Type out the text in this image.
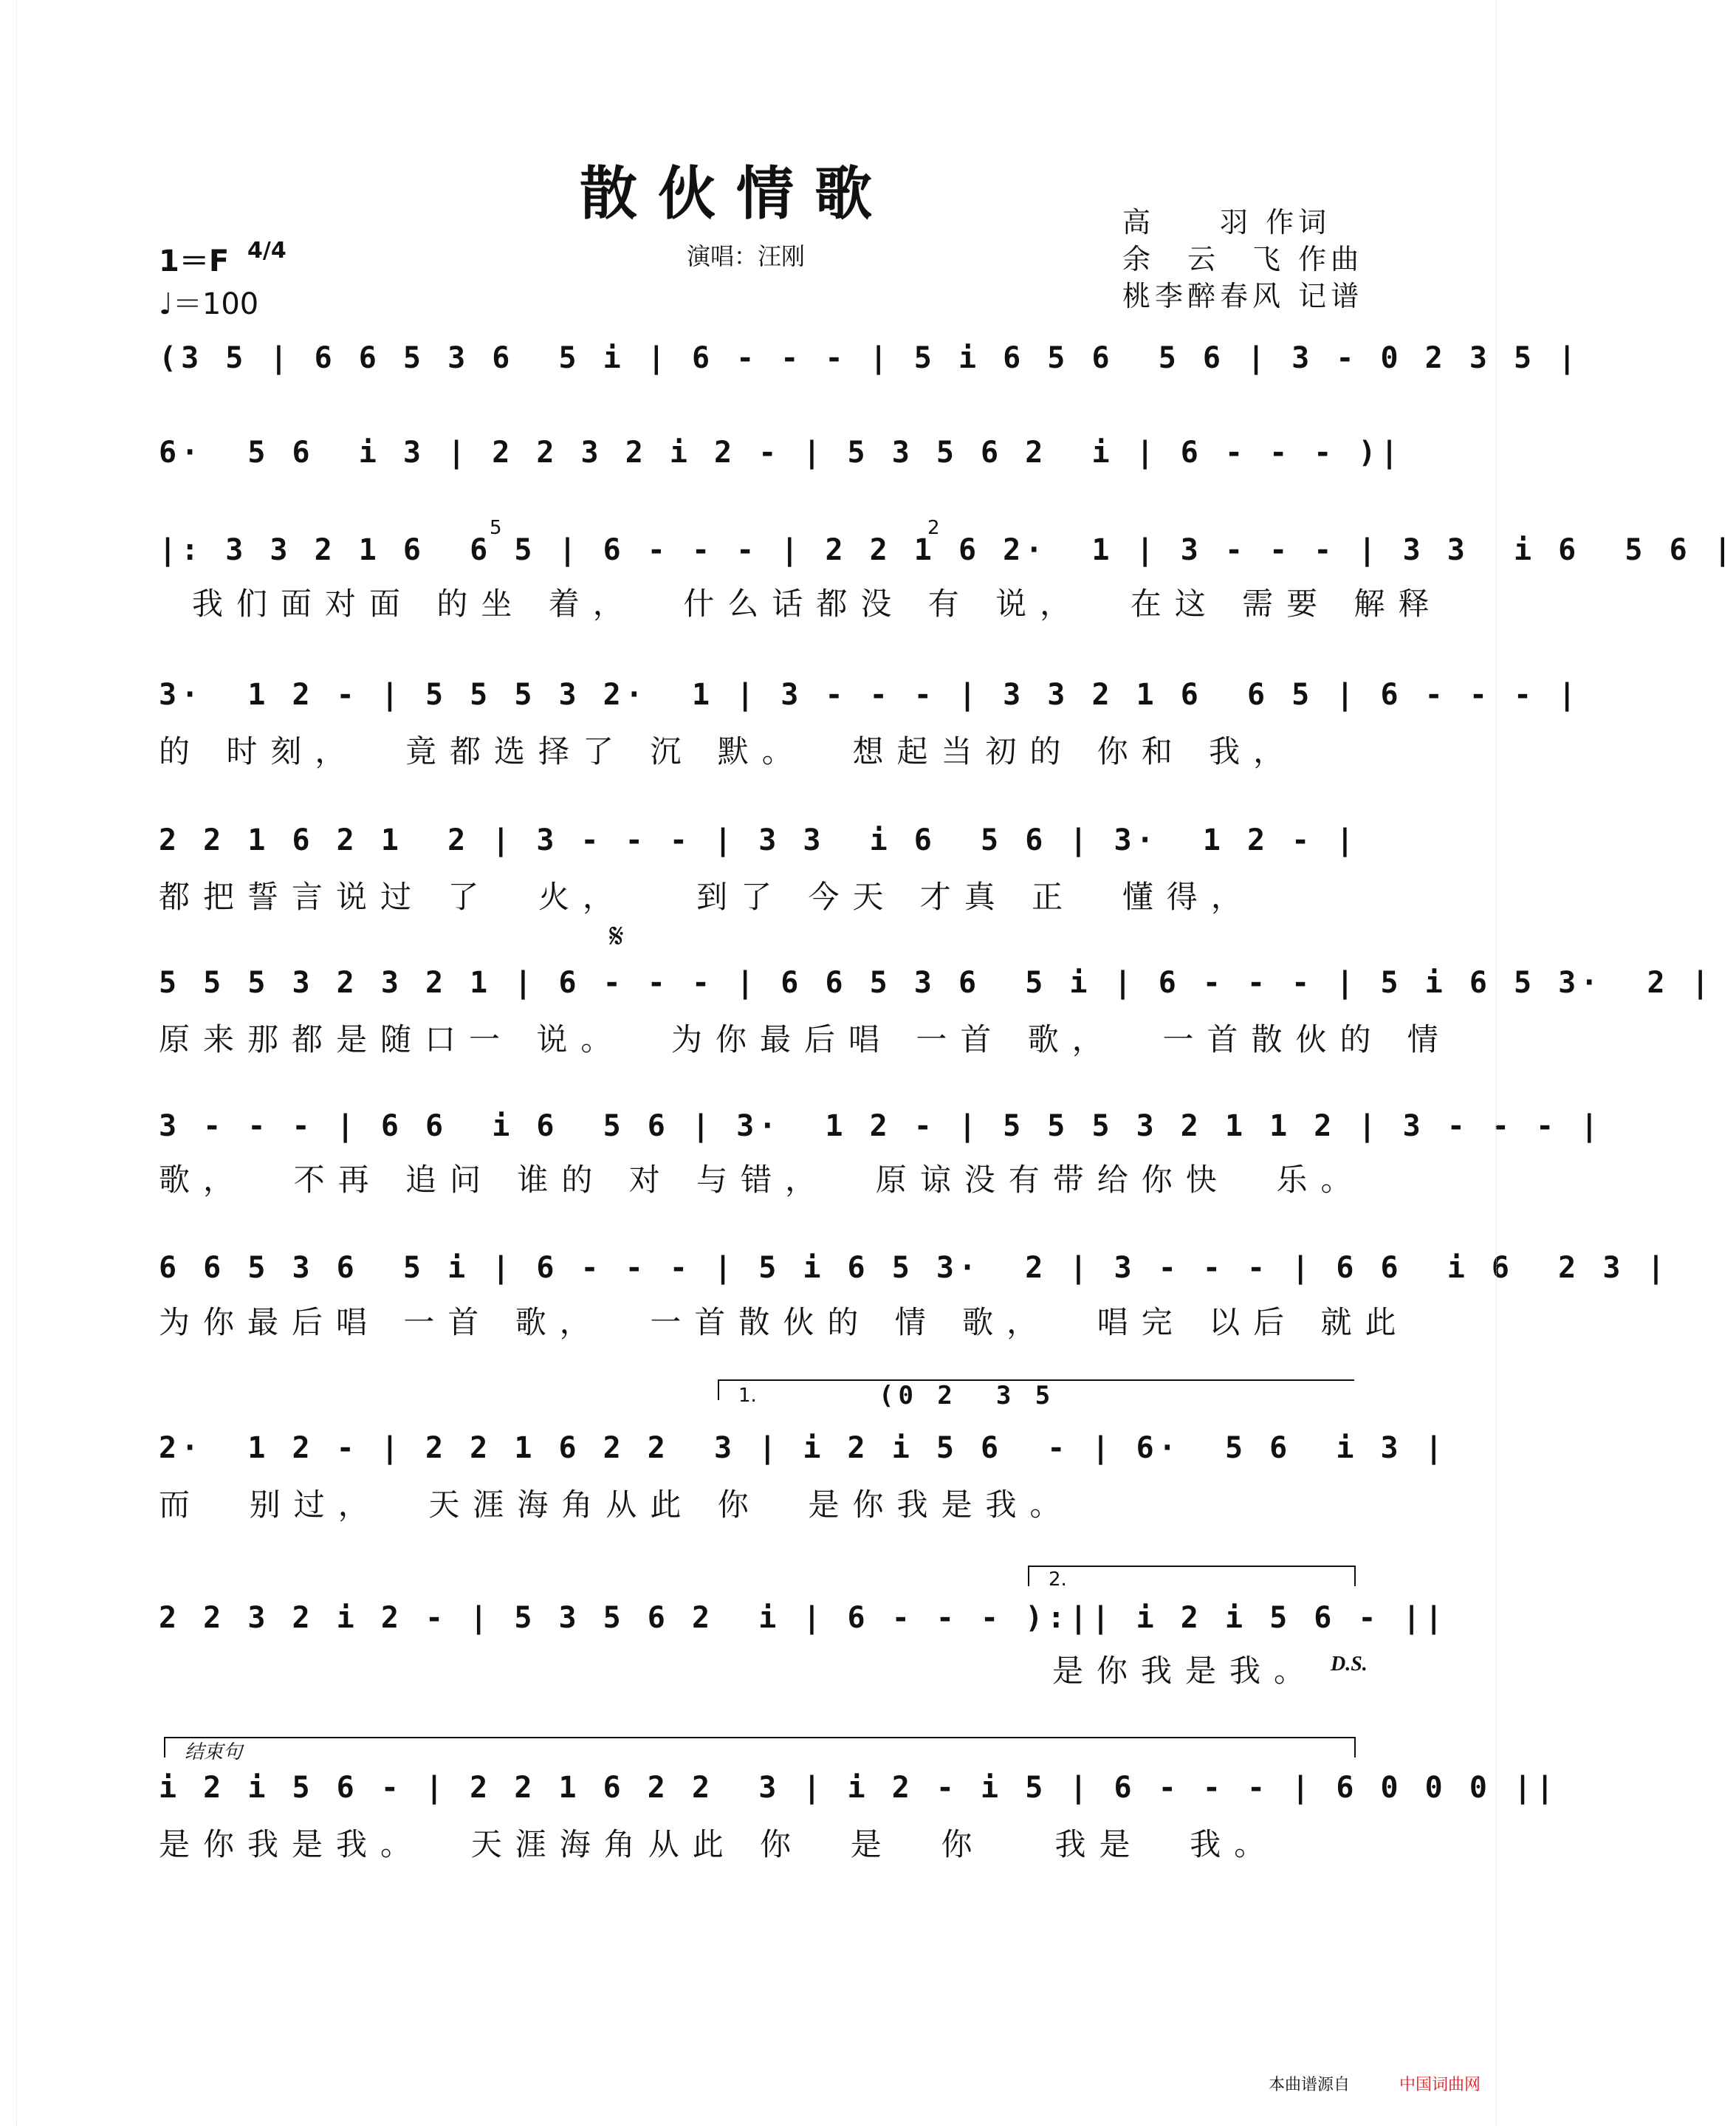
散伙情歌
演唱：汪刚
1＝F 4/4
♩＝100
高　　羽 作词
余　云　飞 作曲
桃李醉春风 记谱
(3 5 | 6 6 5 3 6  5 i | 6 - - - | 5 i 6 5 6  5 6 | 3 - 0 2 3 5 |
6·  5 6  i 3 | 2 2 3 2 i 2 - | 5 3 5 6 2  i | 6 - - - )|
|: 3 3 2 1 6  6 5 | 6 - - - | 2 2 1 6 2·  1 | 3 - - - | 3 3  i 6  5 6 |
5	2
我们面对面 的坐 着，  什么话都没 有 说，  在这 需要 解释
3·  1 2 - | 5 5 5 3 2·  1 | 3 - - - | 3 3 2 1 6  6 5 | 6 - - - |
的 时刻，  竟都选择了 沉 默。  想起当初的 你和 我，
2 2 1 6 2 1  2 | 3 - - - | 3 3  i 6  5 6 | 3·  1 2 - |
都把誓言说过 了  火，   到了 今天 才真 正  懂得，
𝄋
5 5 5 3 2 3 2 1 | 6 - - - | 6 6 5 3 6  5 i | 6 - - - | 5 i 6 5 3·  2 |
原来那都是随口一 说。  为你最后唱 一首 歌，  一首散伙的 情
3 - - - | 6 6  i 6  5 6 | 3·  1 2 - | 5 5 5 3 2 1 1 2 | 3 - - - |
歌，  不再 追问 谁的 对 与错，  原谅没有带给你快  乐。
6 6 5 3 6  5 i | 6 - - - | 5 i 6 5 3·  2 | 3 - - - | 6 6  i 6  2 3 |
为你最后唱 一首 歌，  一首散伙的 情 歌，  唱完 以后 就此
1.	(0 2  3 5
2·  1 2 - | 2 2 1 6 2 2  3 | i 2 i 5 6  - | 6·  5 6  i 3 |
而  别过，  天涯海角从此 你  是你我是我。
2.
2 2 3 2 i 2 - | 5 3 5 6 2  i | 6 - - - ):|| i 2 i 5 6 - ||
是你我是我。 D.S.
结束句
i 2 i 5 6 - | 2 2 1 6 2 2  3 | i 2 - i 5 | 6 - - - | 6 0 0 0 ||
是你我是我。  天涯海角从此 你  是  你   我是  我。
本曲谱源自	中国词曲网
